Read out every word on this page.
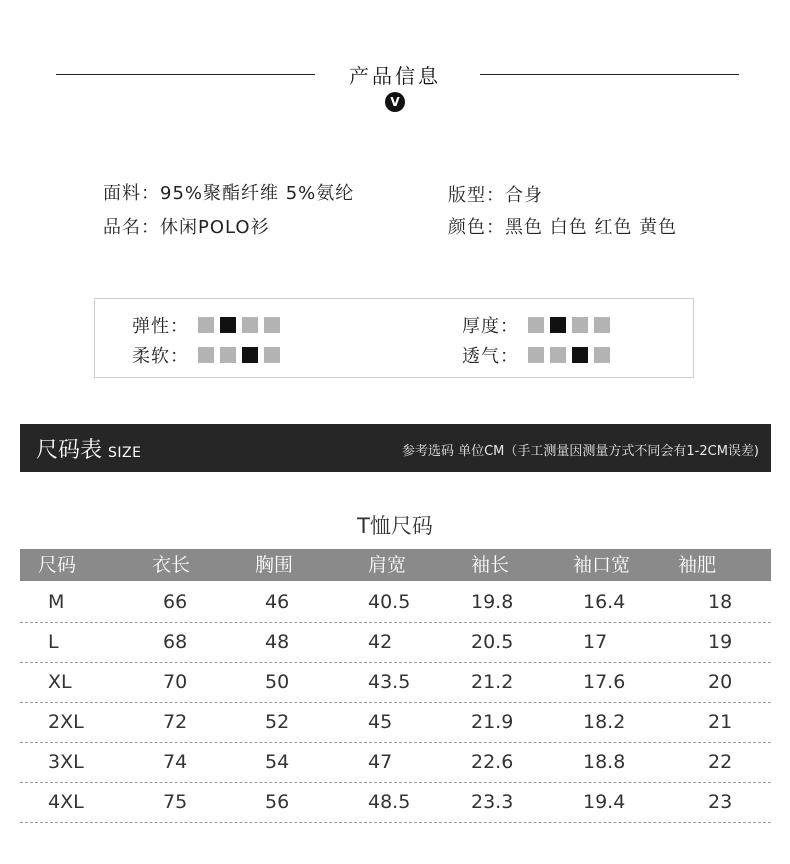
产品信息
V
面料：95%聚酯纤维 5%氨纶	版型：合身
品名：休闲POLO衫	颜色：黑色 白色 红色 黄色
弹性：	厚度：
柔软：	透气：
尺码表 SIZE	参考选码 单位CM（手工测量因测量方式不同会有1-2CM误差)
T恤尺码
尺码	衣长	胸围	肩宽	袖长	袖口宽	袖肥
M	66	46	40.5	19.8	16.4	18
L	68	48	42	20.5	17	19
XL	70	50	43.5	21.2	17.6	20
2XL	72	52	45	21.9	18.2	21
3XL	74	54	47	22.6	18.8	22
4XL	75	56	48.5	23.3	19.4	23
